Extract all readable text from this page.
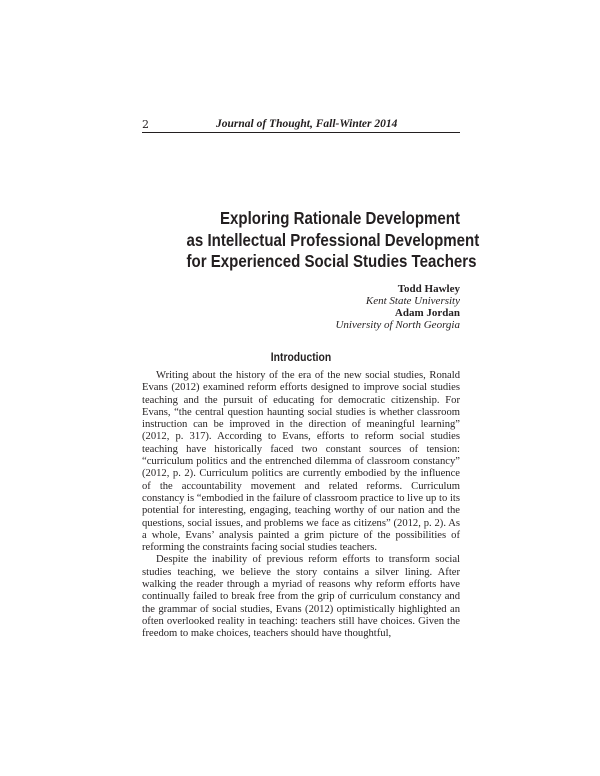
2	Journal of Thought, Fall-Winter 2014
Exploring Rationale Development
as Intellectual Professional Development
for Experienced Social Studies Teachers
Todd Hawley
Kent State University
Adam Jordan
University of North Georgia
Introduction

Writing about the history of the era of the new social studies, Ronald Evans (2012) examined reform efforts designed to improve social studies teaching and the pursuit of educating for democratic citizenship. For Evans, “the central question haunting social studies is whether classroom instruction can be improved in the direction of meaningful learning” (2012, p. 317). According to Evans, efforts to reform social studies teaching have historically faced two constant sources of tension: “curriculum politics and the entrenched dilemma of classroom constancy” (2012, p. 2). Curriculum politics are currently embodied by the influence of the accountability movement and related reforms. Curriculum constancy is “embodied in the failure of classroom practice to live up to its potential for interesting, engaging, teaching worthy of our nation and the questions, social issues, and problems we face as citizens” (2012, p. 2). As a whole, Evans’ analysis painted a grim picture of the possibilities of reforming the constraints facing social studies teachers.

Despite the inability of previous reform efforts to transform social studies teaching, we believe the story contains a silver lining. After walking the reader through a myriad of reasons why reform efforts have continually failed to break free from the grip of curriculum constancy and the grammar of social studies, Evans (2012) optimistically highlighted an often overlooked reality in teaching: teachers still have choices. Given the freedom to make choices, teachers should have thoughtful,
